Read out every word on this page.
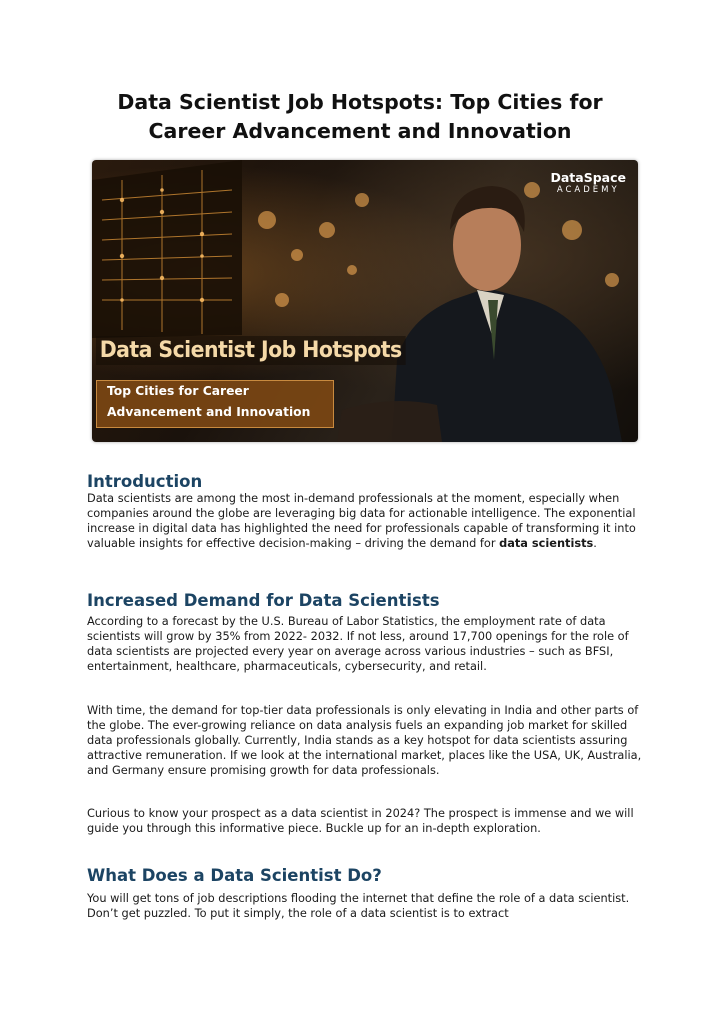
Data Scientist Job Hotspots: Top Cities for
Career Advancement and Innovation
DataSpace
ACADEMY
Data Scientist Job Hotspots
Top Cities for Career
Advancement and Innovation
Introduction

Data scientists are among the most in-demand professionals at the moment, especially when companies around the globe are leveraging big data for actionable intelligence. The exponential increase in digital data has highlighted the need for professionals capable of transforming it into valuable insights for effective decision-making – driving the demand for data scientists.

Increased Demand for Data Scientists

According to a forecast by the U.S. Bureau of Labor Statistics, the employment rate of data scientists will grow by 35% from 2022- 2032. If not less, around 17,700 openings for the role of data scientists are projected every year on average across various industries – such as BFSI, entertainment, healthcare, pharmaceuticals, cybersecurity, and retail.

With time, the demand for top-tier data professionals is only elevating in India and other parts of the globe. The ever-growing reliance on data analysis fuels an expanding job market for skilled data professionals globally. Currently, India stands as a key hotspot for data scientists assuring attractive remuneration. If we look at the international market, places like the USA, UK, Australia, and Germany ensure promising growth for data professionals.

Curious to know your prospect as a data scientist in 2024? The prospect is immense and we will guide you through this informative piece. Buckle up for an in-depth exploration.

What Does a Data Scientist Do?

You will get tons of job descriptions flooding the internet that define the role of a data scientist. Don’t get puzzled. To put it simply, the role of a data scientist is to extract
